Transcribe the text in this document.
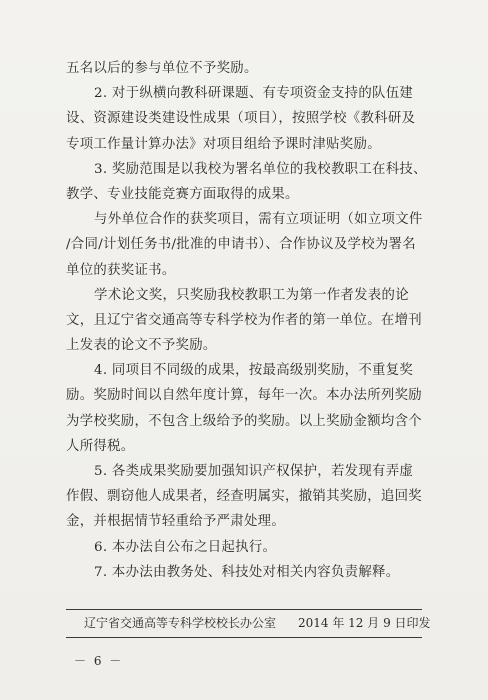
五名以后的参与单位不予奖励。
2. 对于纵横向教科研课题、有专项资金支持的队伍建
设、资源建设类建设性成果（项目），按照学校《教科研及
专项工作量计算办法》对项目组给予课时津贴奖励。
3. 奖励范围是以我校为署名单位的我校教职工在科技、
教学、专业技能竞赛方面取得的成果。
与外单位合作的获奖项目，需有立项证明（如立项文件
/合同/计划任务书/批准的申请书）、合作协议及学校为署名
单位的获奖证书。
学术论文奖，只奖励我校教职工为第一作者发表的论
文，且辽宁省交通高等专科学校为作者的第一单位。在增刊
上发表的论文不予奖励。
4. 同项目不同级的成果，按最高级别奖励，不重复奖
励。奖励时间以自然年度计算，每年一次。本办法所列奖励
为学校奖励，不包含上级给予的奖励。以上奖励金额均含个
人所得税。
5. 各类成果奖励要加强知识产权保护，若发现有弄虚
作假、剽窃他人成果者，经查明属实，撤销其奖励，追回奖
金，并根据情节轻重给予严肃处理。
6. 本办法自公布之日起执行。
7. 本办法由教务处、科技处对相关内容负责解释。
辽宁省交通高等专科学校校长办公室 2014 年 12 月 9 日印发
－ 6 －
